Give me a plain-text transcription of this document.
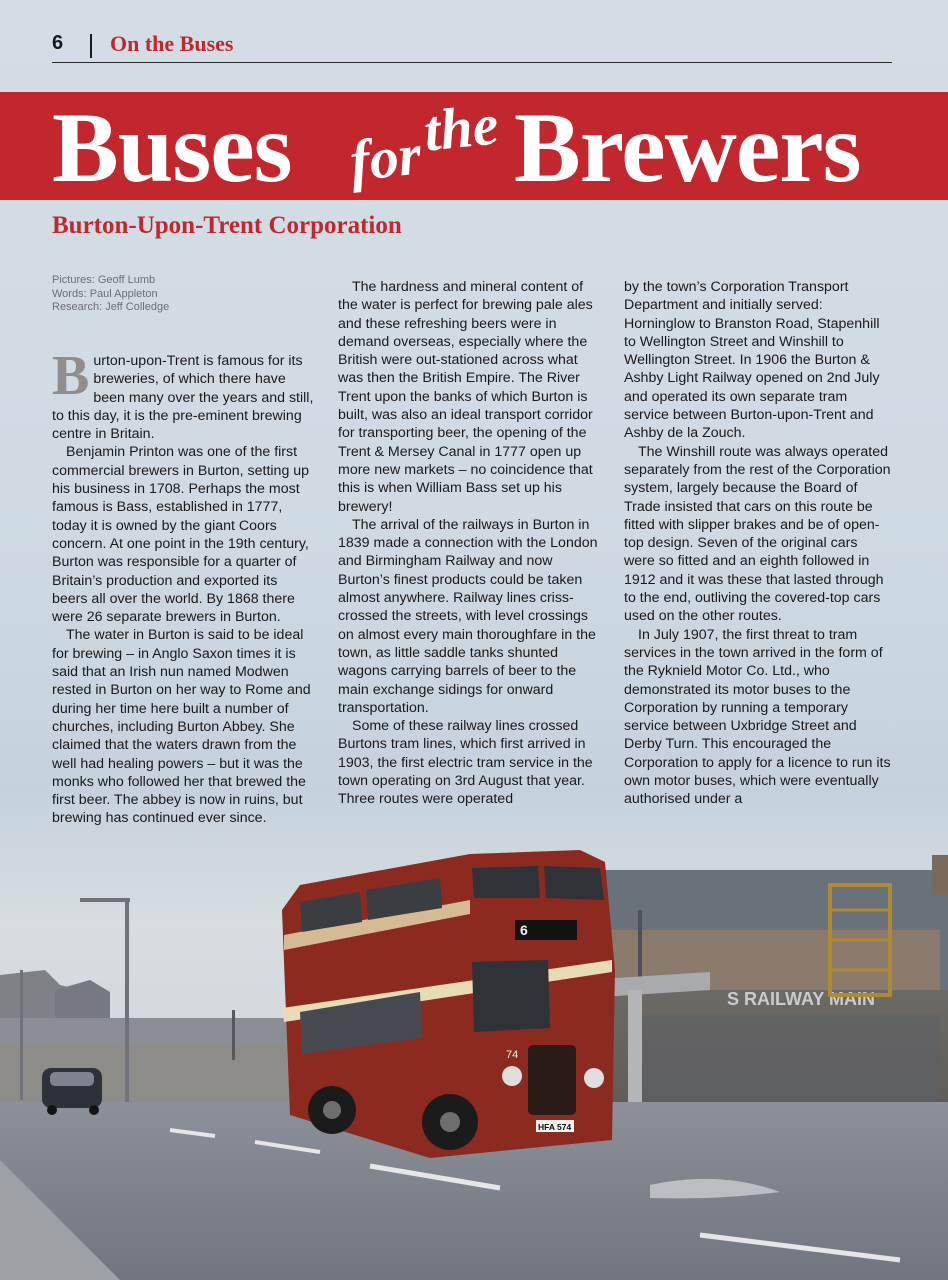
6 On the Buses
Buses for
the Brewers
Burton-Upon-Trent Corporation
Pictures: Geoff Lumb
Words: Paul Appleton
Research: Jeff Colledge

Burton-upon-Trent is famous for its breweries, of which there have been many over the years and still, to this day, it is the pre-eminent brewing centre in Britain.

Benjamin Printon was one of the first commercial brewers in Burton, setting up his business in 1708. Perhaps the most famous is Bass, established in 1777, today it is owned by the giant Coors concern. At one point in the 19th century, Burton was responsible for a quarter of Britain’s production and exported its beers all over the world. By 1868 there were 26 separate brewers in Burton.

The water in Burton is said to be ideal for brewing – in Anglo Saxon times it is said that an Irish nun named Modwen rested in Burton on her way to Rome and during her time here built a number of churches, including Burton Abbey. She claimed that the waters drawn from the well had healing powers – but it was the monks who followed her that brewed the first beer. The abbey is now in ruins, but brewing has continued ever since.

The hardness and mineral content of the water is perfect for brewing pale ales and these refreshing beers were in demand overseas, especially where the British were out-stationed across what was then the British Empire. The River Trent upon the banks of which Burton is built, was also an ideal transport corridor for transporting beer, the opening of the Trent & Mersey Canal in 1777 open up more new markets – no coincidence that this is when William Bass set up his brewery!

The arrival of the railways in Burton in 1839 made a connection with the London and Birmingham Railway and now Burton’s finest products could be taken almost anywhere. Railway lines criss-crossed the streets, with level crossings on almost every main thoroughfare in the town, as little saddle tanks shunted wagons carrying barrels of beer to the main exchange sidings for onward transportation.

Some of these railway lines crossed Burtons tram lines, which first arrived in 1903, the first electric tram service in the town operating on 3rd August that year. Three routes were operated

by the town’s Corporation Transport Department and initially served: Horninglow to Branston Road, Stapenhill to Wellington Street and Winshill to Wellington Street. In 1906 the Burton & Ashby Light Railway opened on 2nd July and operated its own separate tram service between Burton-upon-Trent and Ashby de la Zouch.

The Winshill route was always operated separately from the rest of the Corporation system, largely because the Board of Trade insisted that cars on this route be fitted with slipper brakes and be of open-top design. Seven of the original cars were so fitted and an eighth followed in 1912 and it was these that lasted through to the end, outliving the covered-top cars used on the other routes.

In July 1907, the first threat to tram services in the town arrived in the form of the Ryknield Motor Co. Ltd., who demonstrated its motor buses to the Corporation by running a temporary service between Uxbridge Street and Derby Turn. This encouraged the Corporation to apply for a licence to run its own motor buses, which were eventually authorised under a

S RAILWAY MAIN
6
74
HFA 574
